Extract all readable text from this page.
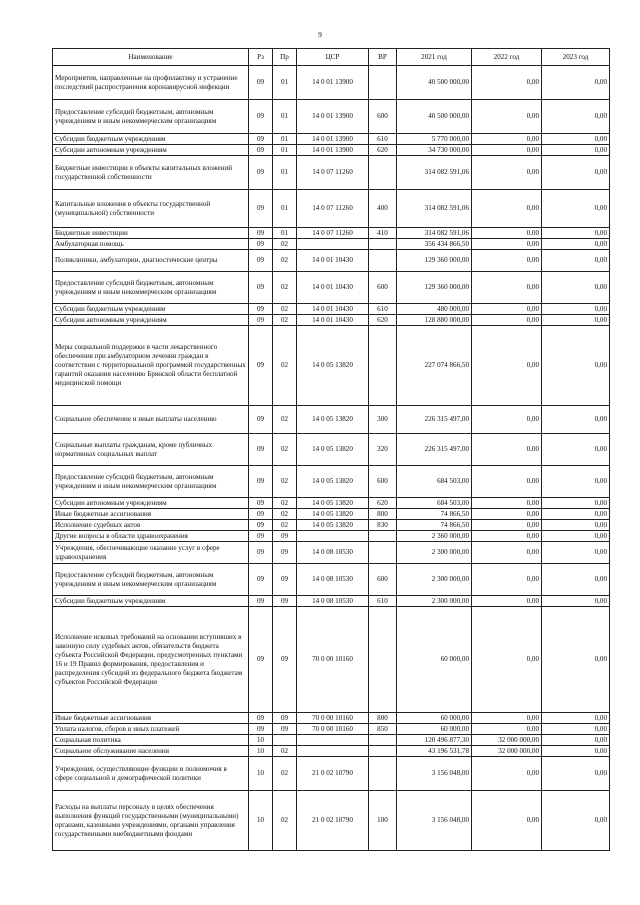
9
Наименование	Рз	Пр	ЦСР	ВР	2021 год	2022 год	2023 год
Мероприятия, направленные на профилактику и устранение последствий распространения коронавирусной инфекции	09	01	14 0 01 13900		40 500 000,00	0,00	0,00
Предоставление субсидий бюджетным, автономным учреждениям и иным некоммерческим организациям	09	01	14 0 01 13900	600	40 500 000,00	0,00	0,00
Субсидии бюджетным учреждениям	09	01	14 0 01 13900	610	5 770 000,00	0,00	0,00
Субсидии автономным учреждениям	09	01	14 0 01 13900	620	34 730 000,00	0,00	0,00
Бюджетные инвестиции в объекты капитальных вложений государственной собственности	09	01	14 0 07 11260		314 082 591,06	0,00	0,00
Капитальные вложения в объекты государственной (муниципальной) собственности	09	01	14 0 07 11260	400	314 082 591,06	0,00	0,00
Бюджетные инвестиции	09	01	14 0 07 11260	410	314 082 591,06	0,00	0,00
Амбулаторная помощь	09	02			356 434 866,50	0,00	0,00
Поликлиники, амбулатории, диагностические центры	09	02	14 0 01 10430		129 360 000,00	0,00	0,00
Предоставление субсидий бюджетным, автономным учреждениям и иным некоммерческим организациям	09	02	14 0 01 10430	600	129 360 000,00	0,00	0,00
Субсидии бюджетным учреждениям	09	02	14 0 01 10430	610	480 000,00	0,00	0,00
Субсидии автономным учреждениям	09	02	14 0 01 10430	620	128 880 000,00	0,00	0,00
Меры социальной поддержки в части лекарственного обеспечения при амбулаторном лечении граждан в соответствии с территориальной программой государственных гарантий оказания населению Брянской области бесплатной медицинской помощи	09	02	14 0 05 13820		227 074 866,50	0,00	0,00
Социальное обеспечение и иные выплаты населению	09	02	14 0 05 13820	300	226 315 497,00	0,00	0,00
Социальные выплаты гражданам, кроме публичных нормативных социальных выплат	09	02	14 0 05 13820	320	226 315 497,00	0,00	0,00
Предоставление субсидий бюджетным, автономным учреждениям и иным некоммерческим организациям	09	02	14 0 05 13820	600	684 503,00	0,00	0,00
Субсидии автономным учреждениям	09	02	14 0 05 13820	620	684 503,00	0,00	0,00
Иные бюджетные ассигнования	09	02	14 0 05 13820	800	74 866,50	0,00	0,00
Исполнение судебных актов	09	02	14 0 05 13820	830	74 866,50	0,00	0,00
Другие вопросы в области здравоохранения	09	09			2 360 000,00	0,00	0,00
Учреждения, обеспечивающие оказание услуг в сфере здравоохранения	09	09	14 0 08 10530		2 300 000,00	0,00	0,00
Предоставление субсидий бюджетным, автономным учреждениям и иным некоммерческим организациям	09	09	14 0 08 10530	600	2 300 000,00	0,00	0,00
Субсидии бюджетным учреждениям	09	09	14 0 08 10530	610	2 300 000,00	0,00	0,00
Исполнение исковых требований на основании вступивших в законную силу судебных актов, обязательств бюджета субъекта Российской Федерации, предусмотренных пунктами 16 и 19 Правил формирования, предоставления и распределения субсидий из федерального бюджета бюджетам субъектов Российской Федерации	09	09	70 0 00 10160		60 000,00	0,00	0,00
Иные бюджетные ассигнования	09	09	70 0 00 10160	800	60 000,00	0,00	0,00
Уплата налогов, сборов и иных платежей	09	09	70 0 00 10160	850	60 000,00	0,00	0,00
Социальная политика	10				120 496 877,30	32 000 000,00	0,00
Социальное обслуживание населения	10	02			43 196 531,78	32 000 000,00	0,00
Учреждения, осуществляющие функции и полномочия в сфере социальной и демографической политики	10	02	21 0 02 10790		3 156 048,00	0,00	0,00
Расходы на выплаты персоналу в целях обеспечения выполнения функций государственными (муниципальными) органами, казенными учреждениями, органами управления государственными внебюджетными фондами	10	02	21 0 02 10790	100	3 156 048,00	0,00	0,00
